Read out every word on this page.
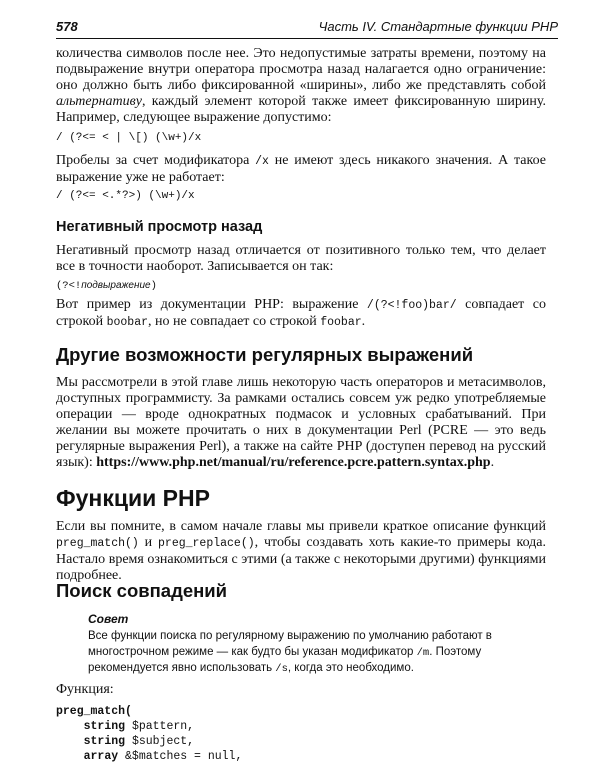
578	Часть IV. Стандартные функции PHP

количества символов после нее. Это недопустимые затраты времени, поэтому на подвыражение внутри оператора просмотра назад налагается одно ограничение: оно должно быть либо фиксированной «ширины», либо же представлять собой альтернативу, каждый элемент которой также имеет фиксированную ширину. Например, следующее выражение допустимо:

/ (?<= < | \[) (\w+)/x

Пробелы за счет модификатора /x не имеют здесь никакого значения. А такое выражение уже не работает:

/ (?<= <.*?>) (\w+)/x
Негативный просмотр назад

Негативный просмотр назад отличается от позитивного только тем, что делает все в точности наоборот. Записывается он так:

(?<!подвыражение)

Вот пример из документации PHP: выражение /(?<!foo)bar/ совпадает со строкой boobar, но не совпадает со строкой foobar.

Другие возможности регулярных выражений

Мы рассмотрели в этой главе лишь некоторую часть операторов и метасимволов, доступных программисту. За рамками остались совсем уж редко употребляемые операции — вроде однократных подмасок и условных срабатываний. При желании вы можете прочитать о них в документации Perl (PCRE — это ведь регулярные выражения Perl), а также на сайте PHP (доступен перевод на русский язык): https://www.php.net/manual/ru/reference.pcre.pattern.syntax.php.

Функции PHP

Если вы помните, в самом начале главы мы привели краткое описание функций preg_match() и preg_replace(), чтобы создавать хоть какие-то примеры кода. Настало время ознакомиться с этими (а также с некоторыми другими) функциями подробнее.

Поиск совпадений

Совет

Все функции поиска по регулярному выражению по умолчанию работают в многострочном режиме — как будто бы указан модификатор /m. Поэтому рекомендуется явно использовать /s, когда это необходимо.

Функция:

preg_match(
string $pattern,
string $subject,
array &$matches = null,
